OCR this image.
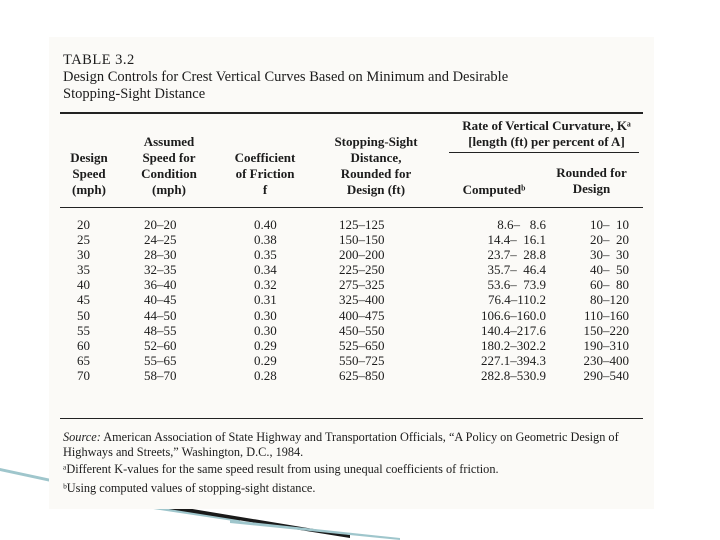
TABLE 3.2
Design Controls for Crest Vertical Curves Based on Minimum and Desirable
Stopping-Sight Distance
Design
Speed
(mph)
Assumed
Speed for
Condition
(mph)
Coefficient
of Friction
f
Stopping-Sight
Distance,
Rounded for
Design (ft)
Rate of Vertical Curvature, Kᵃ
[length (ft) per percent of A]
Computedᵇ
Rounded for
Design
20
25
30
35
40
45
50
55
60
65
70
20–20
24–25
28–30
32–35
36–40
40–45
44–50
48–55
52–60
55–65
58–70
0.40
0.38
0.35
0.34
0.32
0.31
0.30
0.30
0.29
0.29
0.28
125–125
150–150
200–200
225–250
275–325
325–400
400–475
450–550
525–650
550–725
625–850
8.6–   8.6
14.4–  16.1
23.7–  28.8
35.7–  46.4
53.6–  73.9
76.4–110.2
106.6–160.0
140.4–217.6
180.2–302.2
227.1–394.3
282.8–530.9
10–  10
20–  20
30–  30
40–  50
60–  80
80–120
110–160
150–220
190–310
230–400
290–540
Source: American Association of State Highway and Transportation Officials, “A Policy on Geometric Design of Highways and Streets,” Washington, D.C., 1984.
ᵃDifferent K-values for the same speed result from using unequal coefficients of friction.
ᵇUsing computed values of stopping-sight distance.
